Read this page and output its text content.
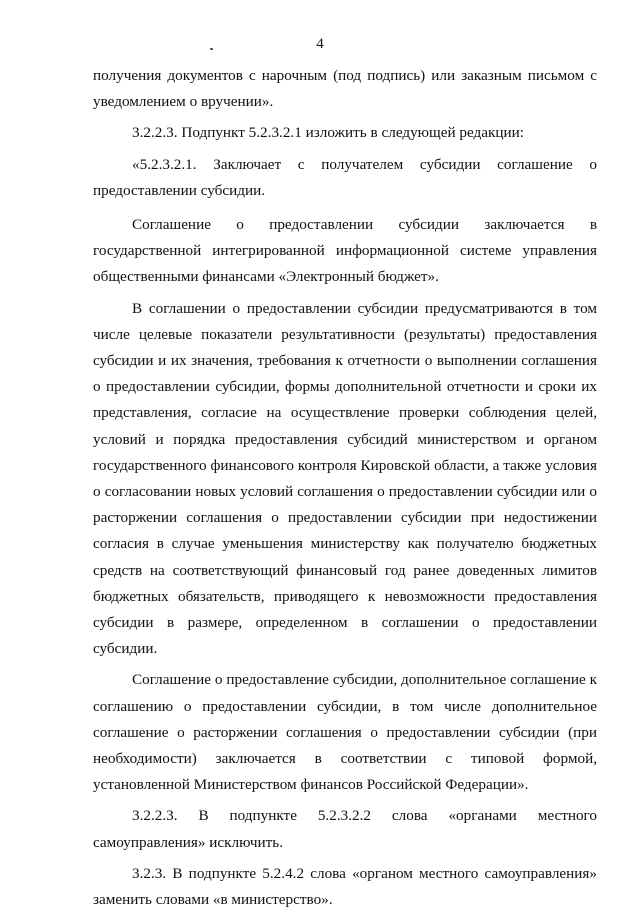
4

получения документов с нарочным (под подпись) или заказным письмом с уведомлением о вручении».

3.2.2.3. Подпункт 5.2.3.2.1 изложить в следующей редакции:

«5.2.3.2.1. Заключает с получателем субсидии соглашение о предоставлении субсидии.

Соглашение о предоставлении субсидии заключается в государственной интегрированной информационной системе управления общественными финансами «Электронный бюджет».

В соглашении о предоставлении субсидии предусматриваются в том числе целевые показатели результативности (результаты) предоставления субсидии и их значения, требования к отчетности о выполнении соглашения о предоставлении субсидии, формы дополнительной отчетности и сроки их представления, согласие на осуществление проверки соблюдения целей, условий и порядка предоставления субсидий министерством и органом государственного финансового контроля Кировской области, а также условия о согласовании новых условий соглашения о предоставлении субсидии или о расторжении соглашения о предоставлении субсидии при недостижении согласия в случае уменьшения министерству как получателю бюджетных средств на соответствующий финансовый год ранее доведенных лимитов бюджетных обязательств, приводящего к невозможности предоставления субсидии в размере, определенном в соглашении о предоставлении субсидии.

Соглашение о предоставление субсидии, дополнительное соглашение к соглашению о предоставлении субсидии, в том числе дополнительное соглашение о расторжении соглашения о предоставлении субсидии (при необходимости) заключается в соответствии с типовой формой, установленной Министерством финансов Российской Федерации».

3.2.2.3. В подпункте 5.2.3.2.2 слова «органами местного самоуправления» исключить.

3.2.3. В подпункте 5.2.4.2 слова «органом местного самоуправления» заменить словами «в министерство».
